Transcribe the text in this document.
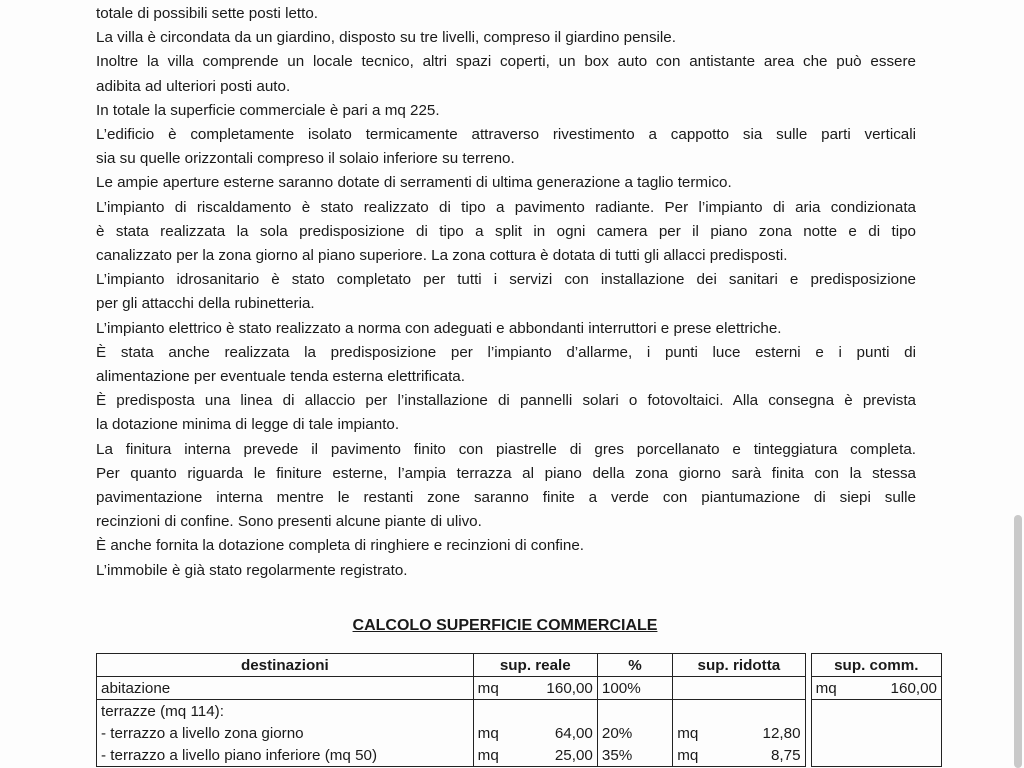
totale di possibili sette posti letto.

La villa è circondata da un giardino, disposto su tre livelli, compreso il giardino pensile.

Inoltre la villa comprende un locale tecnico, altri spazi coperti, un box auto con antistante area che può essere

adibita ad ulteriori posti auto.

In totale la superficie commerciale è pari a mq 225.

L’edificio è completamente isolato termicamente attraverso rivestimento a cappotto sia sulle parti verticali

sia su quelle orizzontali compreso il solaio inferiore su terreno.

Le ampie aperture esterne saranno dotate di serramenti di ultima generazione a taglio termico.

L’impianto di riscaldamento è stato realizzato di tipo a pavimento radiante. Per l’impianto di aria condizionata

è stata realizzata la sola predisposizione di tipo a split in ogni camera per il piano zona notte e di tipo

canalizzato per la zona giorno al piano superiore. La zona cottura è dotata di tutti gli allacci predisposti.

L’impianto idrosanitario è stato completato per tutti i servizi con installazione dei sanitari e predisposizione

per gli attacchi della rubinetteria.

L’impianto elettrico è stato realizzato a norma con adeguati e abbondanti interruttori e prese elettriche.

È stata anche realizzata la predisposizione per l’impianto d’allarme, i punti luce esterni e i punti di

alimentazione per eventuale tenda esterna elettrificata.

È predisposta una linea di allaccio per l’installazione di pannelli solari o fotovoltaici. Alla consegna è prevista

la dotazione minima di legge di tale impianto.

La finitura interna prevede il pavimento finito con piastrelle di gres porcellanato e tinteggiatura completa.

Per quanto riguarda le finiture esterne, l’ampia terrazza al piano della zona giorno sarà finita con la stessa

pavimentazione interna mentre le restanti zone saranno finite a verde con piantumazione di siepi sulle

recinzioni di confine. Sono presenti alcune piante di ulivo.

È anche fornita la dotazione completa di ringhiere e recinzioni di confine.

L’immobile è già stato regolarmente registrato.

CALCOLO SUPERFICIE COMMERCIALE
destinazioni	sup. reale	%	sup. ridotta		sup. comm.
abitazione	mq 160,00	100%			mq 160,00

terrazze (mq 114):					
- terrazzo a livello zona giorno	mq 64,00	20%	mq 12,80		

- terrazzo a livello piano inferiore (mq 50)	mq 25,00	35%	mq 8,75		
